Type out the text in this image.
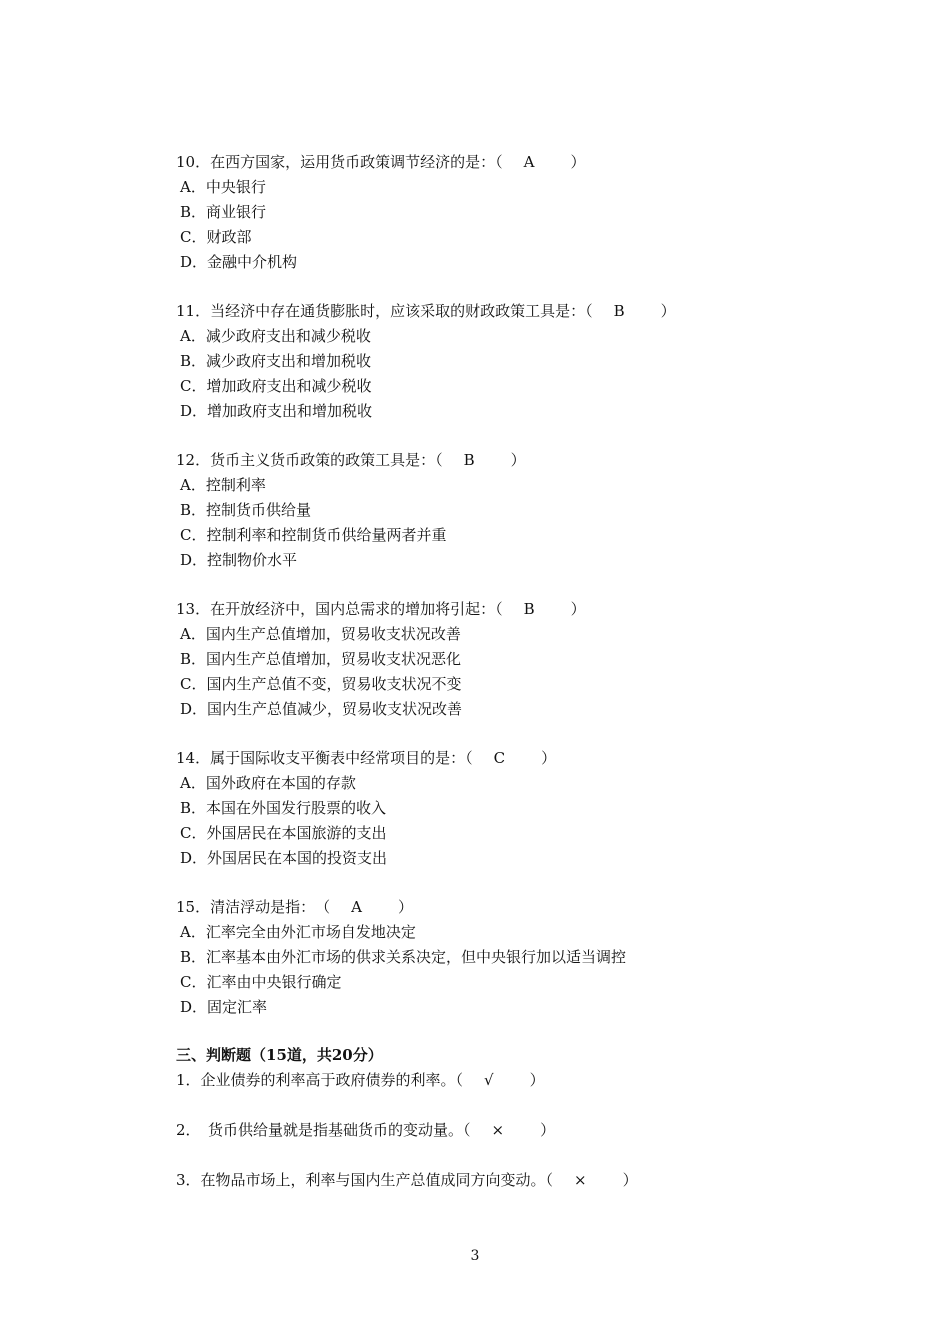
10．在西方国家，运用货币政策调节经济的是：（　A　　）
A．中央银行
B．商业银行
C．财政部
D．金融中介机构
11．当经济中存在通货膨胀时，应该采取的财政政策工具是：（　B　　）
A．减少政府支出和减少税收
B．减少政府支出和增加税收
C．增加政府支出和减少税收
D．增加政府支出和增加税收
12．货币主义货币政策的政策工具是：（　B　　）
A．控制利率
B．控制货币供给量
C．控制利率和控制货币供给量两者并重
D．控制物价水平
13．在开放经济中，国内总需求的增加将引起：（　B　　）
A．国内生产总值增加，贸易收支状况改善
B．国内生产总值增加，贸易收支状况恶化
C．国内生产总值不变，贸易收支状况不变
D．国内生产总值减少，贸易收支状况改善
14．属于国际收支平衡表中经常项目的是：（　C　　）
A．国外政府在本国的存款
B．本国在外国发行股票的收入
C．外国居民在本国旅游的支出
D．外国居民在本国的投资支出
15．清洁浮动是指：　（　A　　）
A．汇率完全由外汇市场自发地决定
B．汇率基本由外汇市场的供求关系决定，但中央银行加以适当调控
C．汇率由中央银行确定
D．固定汇率
三、判断题（15道，共20分）
1．企业债券的利率高于政府债券的利率。（　√　　）
2．　货币供给量就是指基础货币的变动量。（　×　　）
3．在物品市场上，利率与国内生产总值成同方向变动。（　×　　）
3
